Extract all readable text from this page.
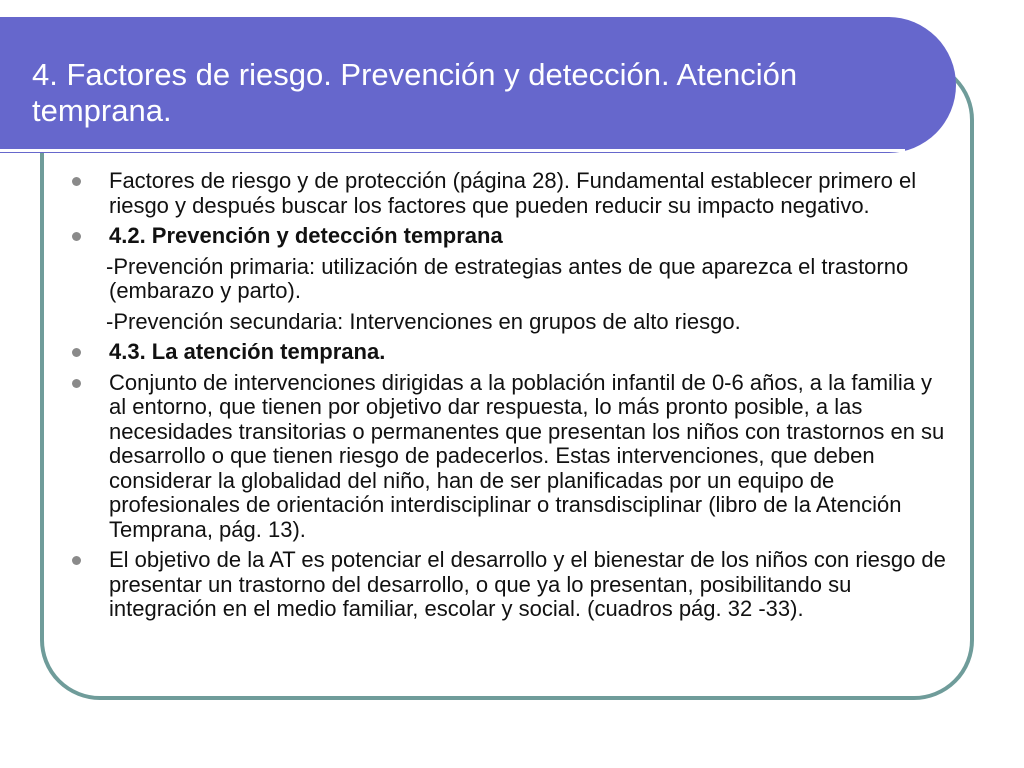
4. Factores de riesgo. Prevención y detección. Atención temprana.
Factores de riesgo y de protección (página 28). Fundamental establecer primero el riesgo y después buscar los factores que pueden reducir su impacto negativo.
4.2. Prevención y detección temprana
-Prevención primaria: utilización de estrategias antes de que aparezca el trastorno (embarazo y parto).
-Prevención secundaria: Intervenciones en grupos de alto riesgo.
4.3. La atención temprana.
Conjunto de intervenciones dirigidas a la población infantil de 0-6 años, a la familia y al entorno, que tienen por objetivo dar respuesta, lo más pronto posible, a las necesidades transitorias o permanentes que presentan los niños con trastornos en su desarrollo o que tienen riesgo de padecerlos. Estas intervenciones, que deben considerar la globalidad del niño, han de ser planificadas por un equipo de profesionales de orientación interdisciplinar o transdisciplinar (libro de la Atención Temprana, pág. 13).
El objetivo de la AT es potenciar el desarrollo y el bienestar de los niños con riesgo de presentar un trastorno del desarrollo, o que ya lo presentan, posibilitando su integración en el medio familiar, escolar y social. (cuadros pág. 32 -33).
